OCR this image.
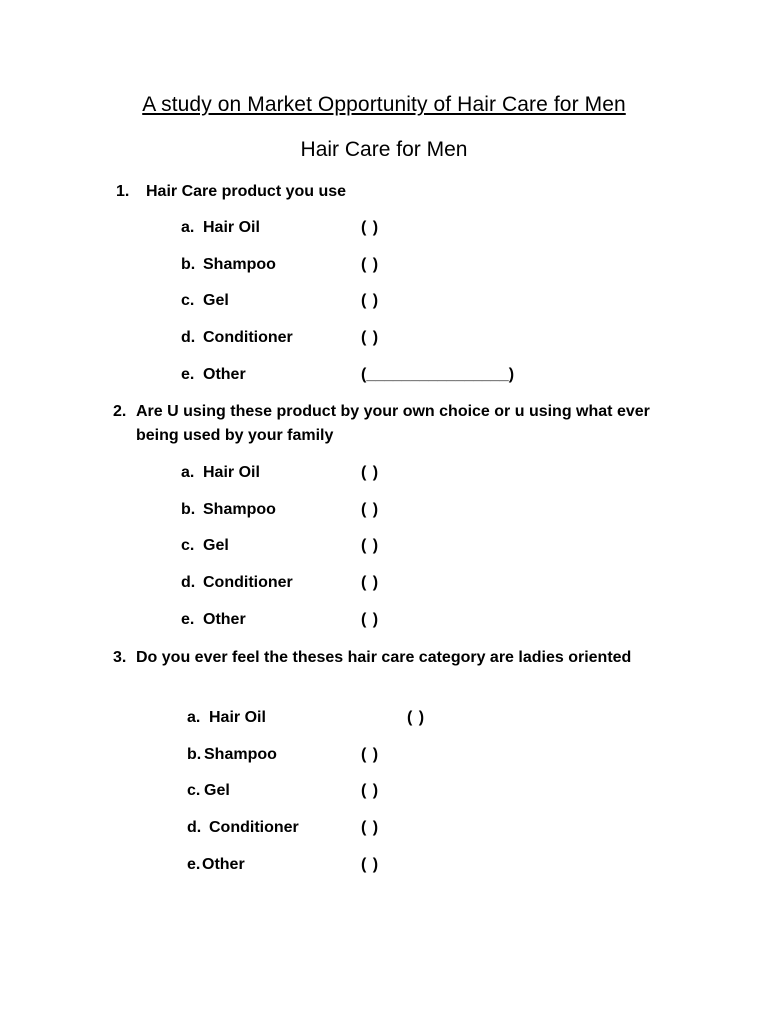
A study on Market Opportunity of Hair Care for Men
Hair Care for Men
1. Hair Care product you use
a. Hair Oil	( )
b. Shampoo	( )
c. Gel	( )
d. Conditioner	( )
e. Other	(________________)
2. Are U using these product by your own choice or u using what ever being used by your family
a. Hair Oil	( )
b. Shampoo	( )
c. Gel	( )
d. Conditioner	( )
e. Other	( )
3. Do you ever feel the theses hair care category are ladies oriented
a. Hair Oil	( )
b. Shampoo	( )
c. Gel	( )
d. Conditioner	( )
e. Other	( )
